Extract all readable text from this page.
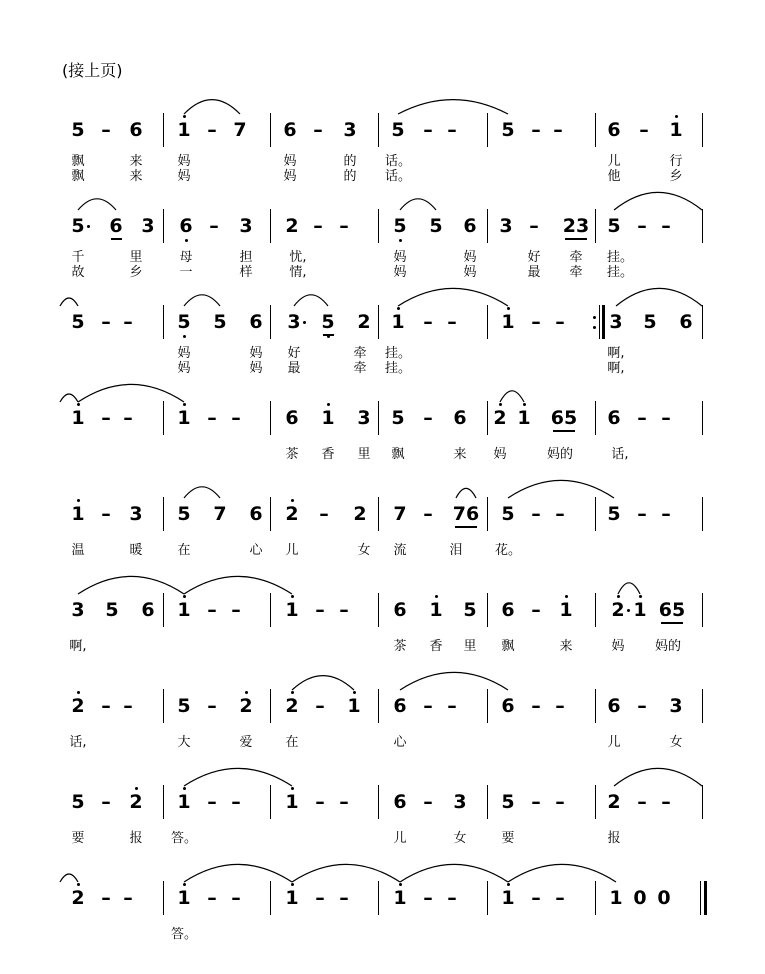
(接上页)
5 – 6 1 – 7 6 – 3 5 – – 5 – – 6 – 1
飘	来	妈	妈	的 话。	儿	行
飘	来	妈	妈	的 话。	他	乡
5 6 3 6 – 3 2 – – 5 5 6 3 – 23 5 – –
千	里	母	担	忧,	妈	妈	好 牵 挂。
故	乡	一	样	情,	妈	妈	最 牵 挂。
5 – – 5 5 6 3 5 2 1 – – 1 – – 3 5 6
妈	妈 好	牵 挂。	啊,
妈	妈 最	牵 挂。	啊,
1 – – 1 – – 6 1 3 5 – 6 2 1 65 6 – –
茶 香 里 飘	来 妈	妈的	话,
1 – 3 5 7 6 2 – 2 7 – 76 5 – – 5 – –
温	暖	在	心 儿	女 流	泪 花。
3 5 6 1 – – 1 – – 6 1 5 6 – 1 2 1 65
啊,	茶 香 里 飘	来	妈 妈的
2 – – 5 – 2 2 – 1 6 – – 6 – – 6 – 3
话,	大	爱	在	心	儿	女
5 – 2 1 – – 1 – – 6 – 3 5 – – 2 – –
要	报 答。	儿	女	要	报
2 – – 1 – – 1 – – 1 – – 1 – – 1 0 0
答。
